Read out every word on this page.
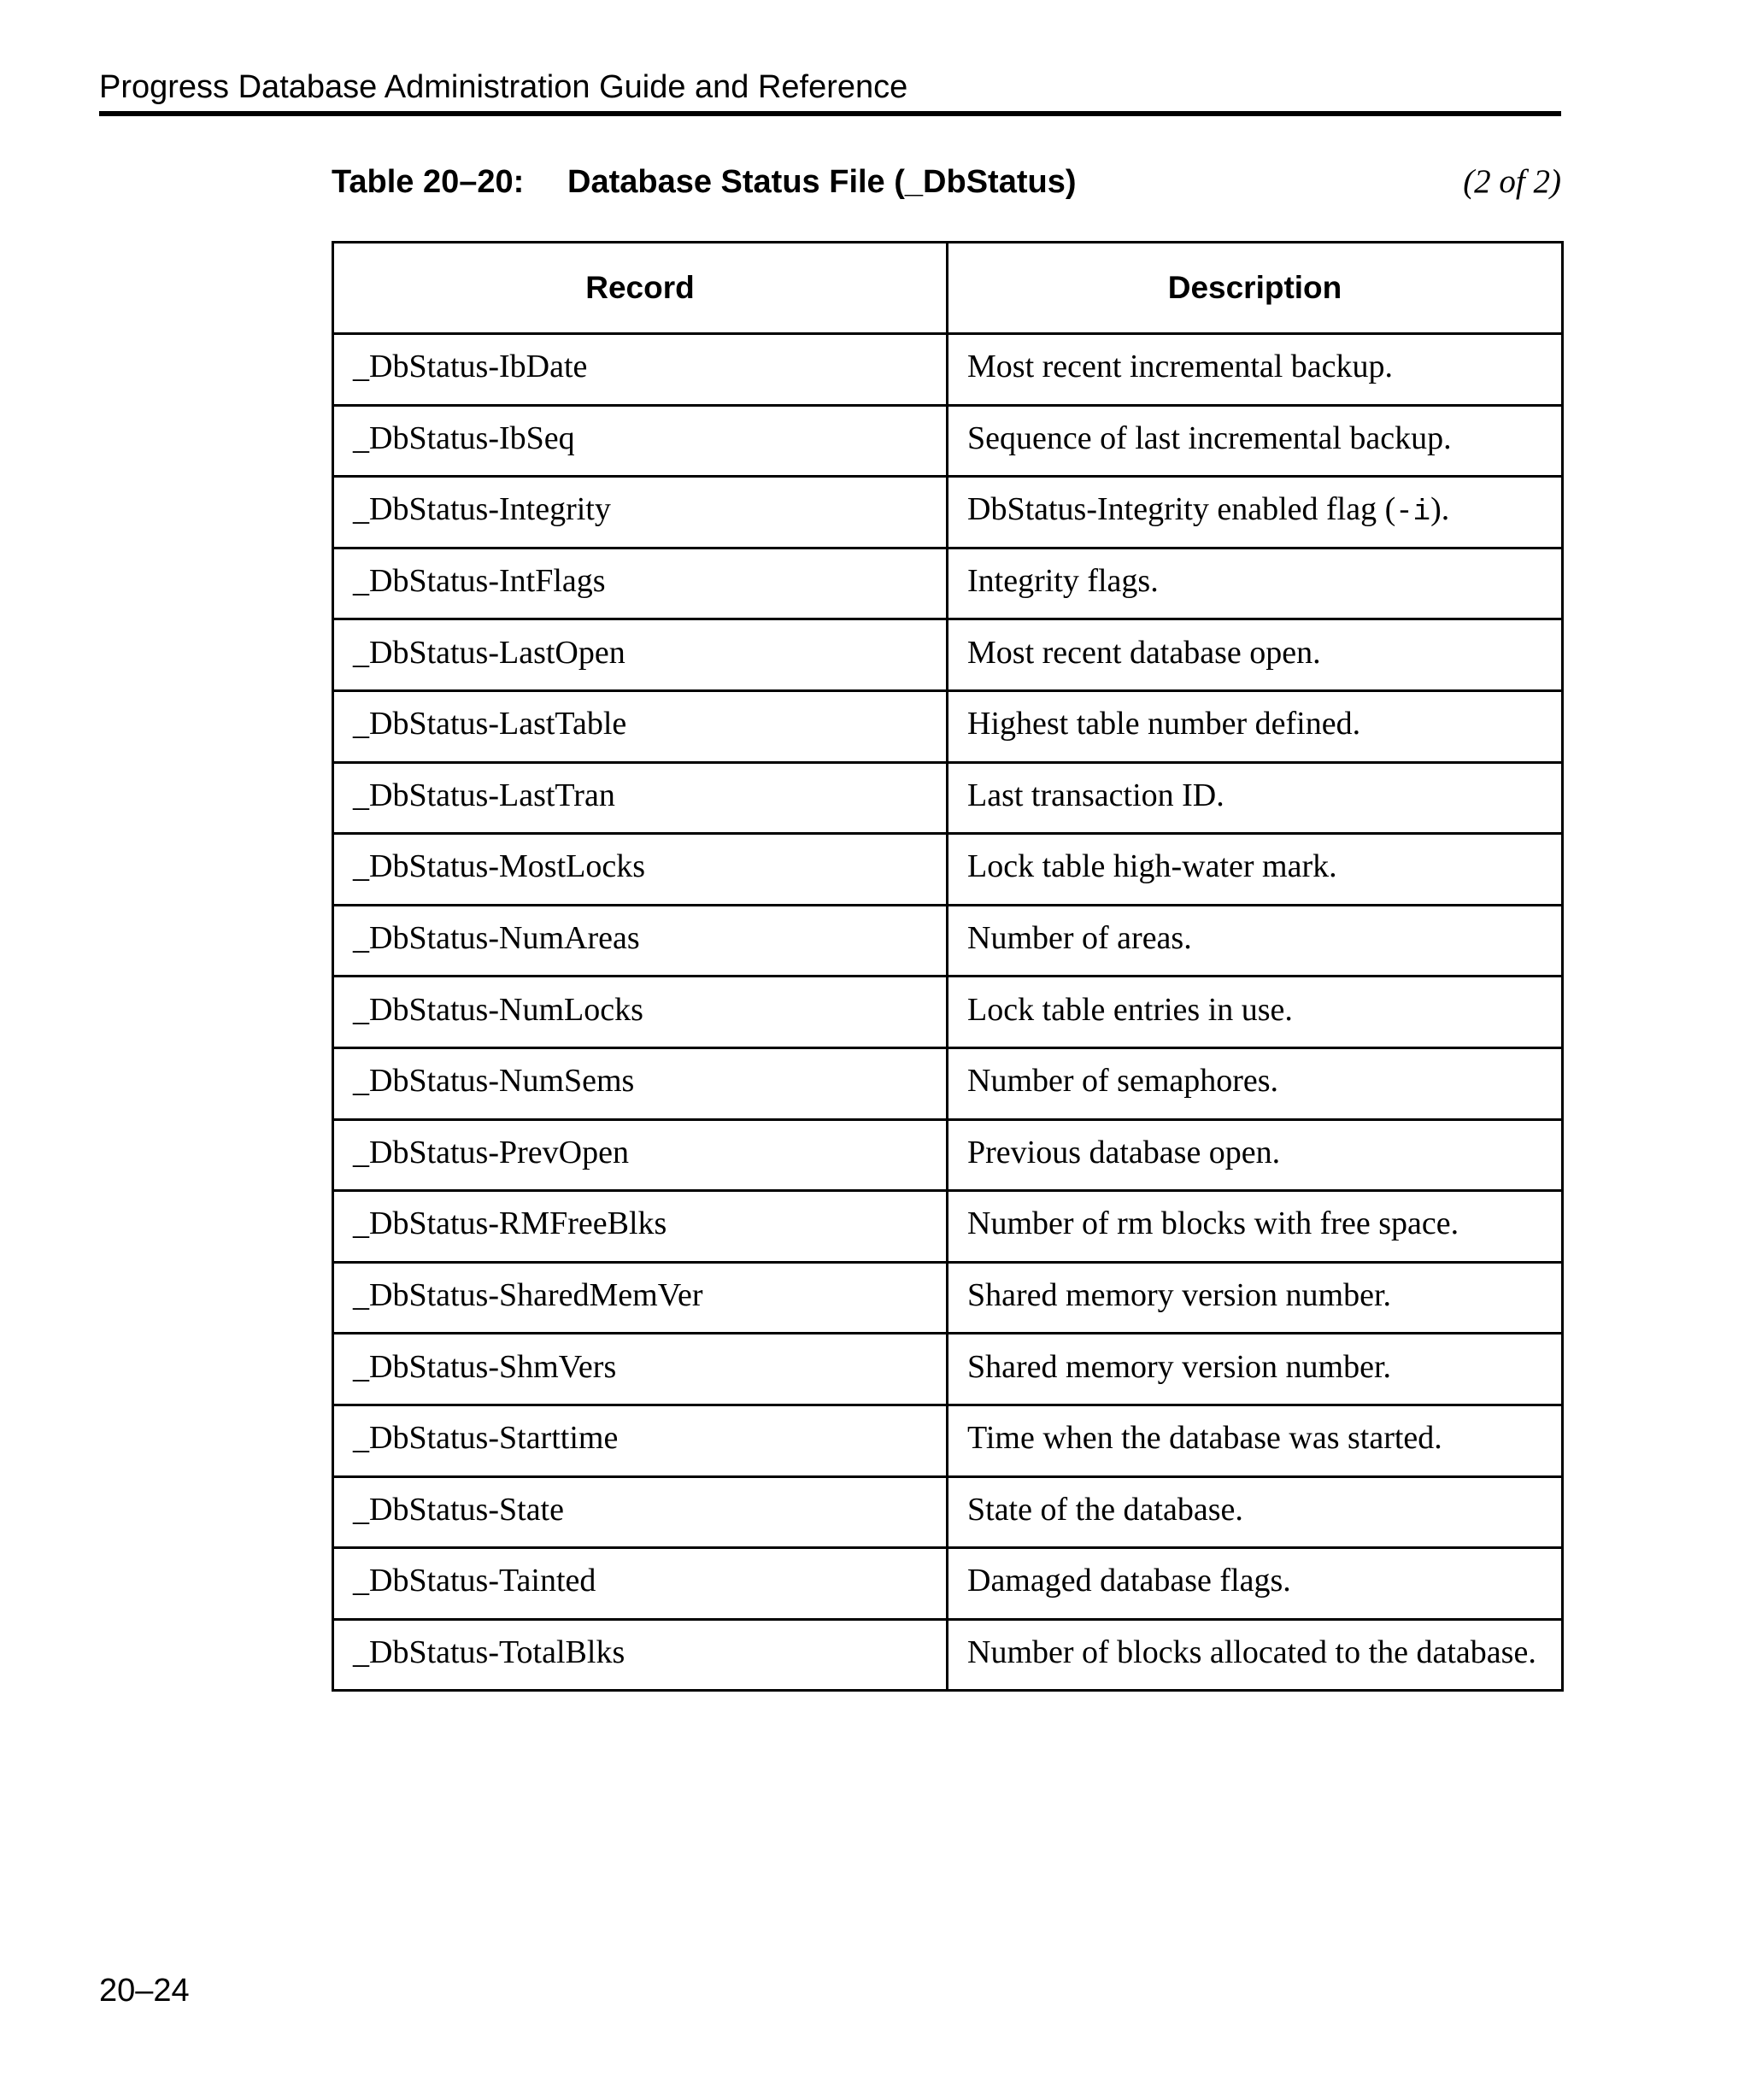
Progress Database Administration Guide and Reference
Table 20–20: Database Status File (_DbStatus)	(2 of 2)
Record	Description
_DbStatus-IbDate	Most recent incremental backup.
_DbStatus-IbSeq	Sequence of last incremental backup.
_DbStatus-Integrity	DbStatus-Integrity enabled flag (-i).
_DbStatus-IntFlags	Integrity flags.
_DbStatus-LastOpen	Most recent database open.
_DbStatus-LastTable	Highest table number defined.
_DbStatus-LastTran	Last transaction ID.
_DbStatus-MostLocks	Lock table high-water mark.
_DbStatus-NumAreas	Number of areas.
_DbStatus-NumLocks	Lock table entries in use.
_DbStatus-NumSems	Number of semaphores.
_DbStatus-PrevOpen	Previous database open.
_DbStatus-RMFreeBlks	Number of rm blocks with free space.
_DbStatus-SharedMemVer	Shared memory version number.
_DbStatus-ShmVers	Shared memory version number.
_DbStatus-Starttime	Time when the database was started.
_DbStatus-State	State of the database.
_DbStatus-Tainted	Damaged database flags.
_DbStatus-TotalBlks	Number of blocks allocated to the database.
20–24
